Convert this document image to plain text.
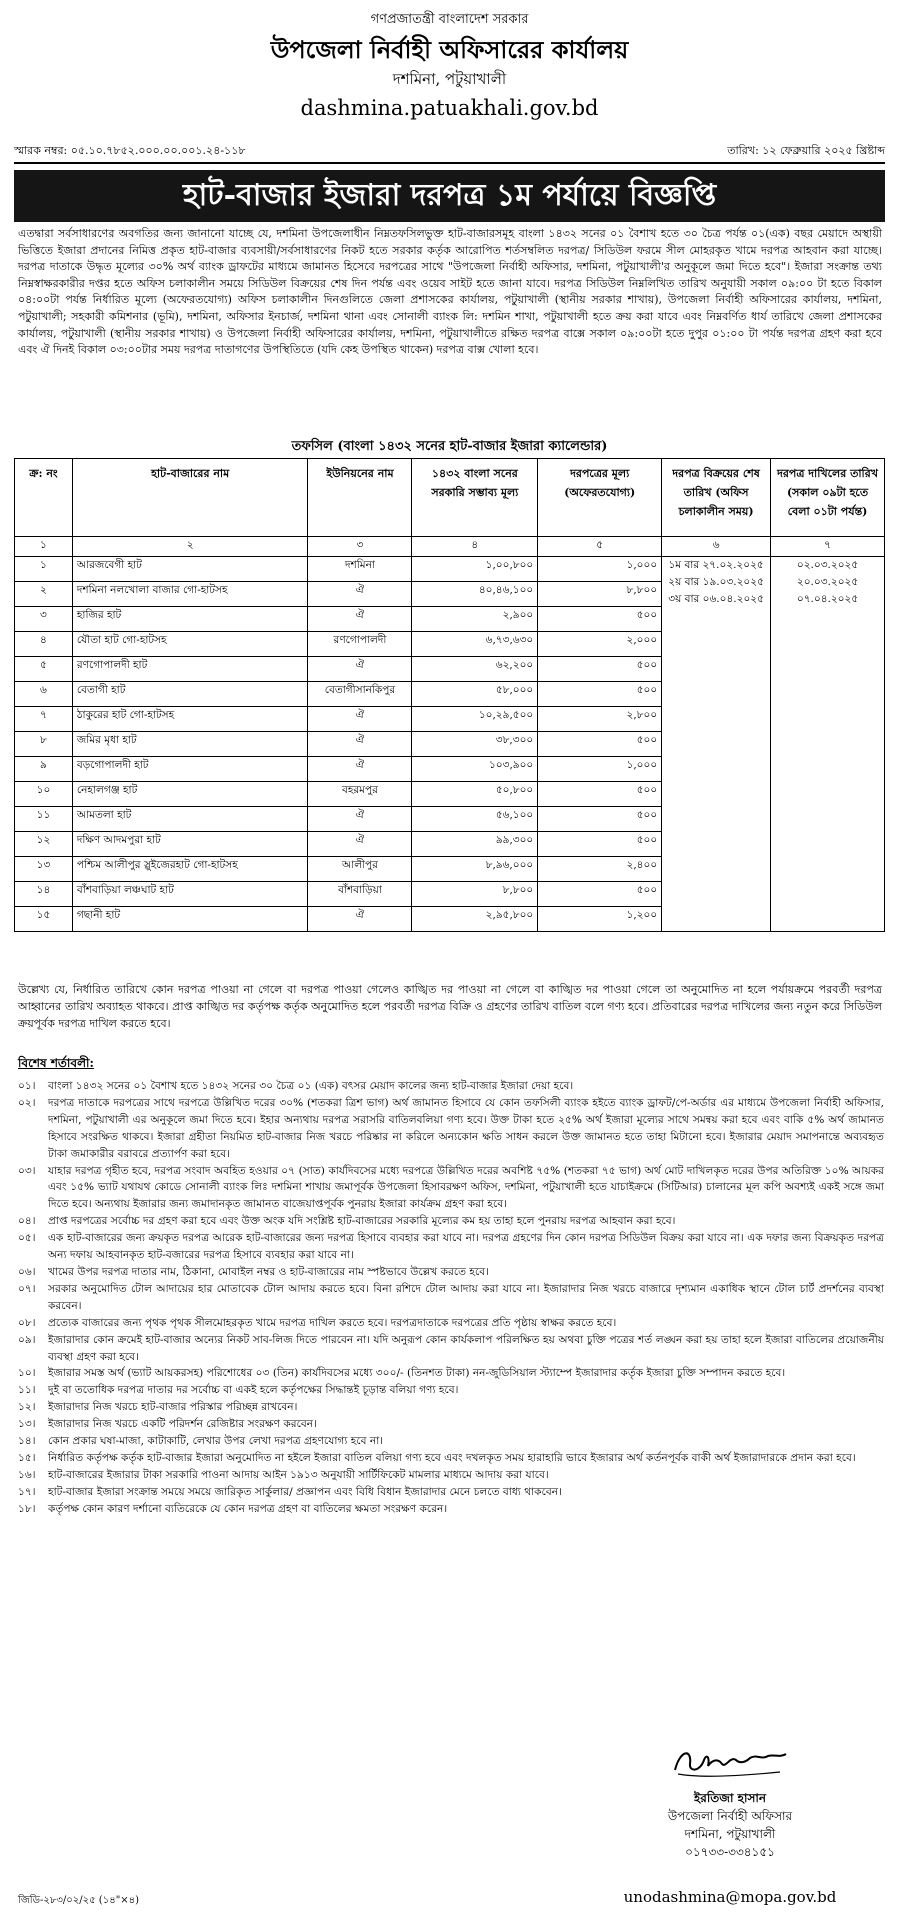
গণপ্রজাতন্ত্রী বাংলাদেশ সরকার
উপজেলা নির্বাহী অফিসারের কার্যালয়
দশমিনা, পটুয়াখালী
dashmina.patuakhali.gov.bd
স্মারক নম্বর: ০৫.১০.৭৮৫২.০০০.০০.০০১.২৪-১১৮	তারিখ: ১২ ফেব্রুয়ারি ২০২৫ খ্রিষ্টাব্দ
হাট-বাজার ইজারা দরপত্র ১ম পর্যায়ে বিজ্ঞপ্তি
এতদ্বারা সর্বসাধারণের অবগতির জন্য জানানো যাচ্ছে যে, দশমিনা উপজেলাধীন নিম্নতফসিলভুক্ত হাট-বাজারসমূহ বাংলা ১৪৩২ সনের ০১ বৈশাখ হতে ৩০ চৈত্র পর্যন্ত ০১(এক) বছর মেয়াদে অস্থায়ী ভিত্তিতে ইজারা প্রদানের নিমিত্ত প্রকৃত হাট-বাজার ব্যবসায়ী/সর্বসাধারণের নিকট হতে সরকার কর্তৃক আরোপিত শর্তসম্বলিত দরপত্র/ সিডিউল ফরমে সীল মোহরকৃত খামে দরপত্র আহবান করা যাচ্ছে। দরপত্র দাতাকে উদ্ধৃত মূল্যের ৩০% অর্থ ব্যাংক ড্রাফটের মাধ্যমে জামানত হিসেবে দরপত্রের সাথে "উপজেলা নির্বাহী অফিসার, দশমিনা, পটুয়াখালী'র অনুকূলে জমা দিতে হবে"। ইজারা সংক্রান্ত তথ্য নিম্নস্বাক্ষরকারীর দপ্তর হতে অফিস চলাকালীন সময়ে সিডিউল বিক্রয়ের শেষ দিন পর্যন্ত এবং ওয়েব সাইট হতে জানা যাবে। দরপত্র সিডিউল নিম্নলিখিত তারিখ অনুযায়ী সকাল ০৯:০০ টা হতে বিকাল ০৪:০০টা পর্যন্ত নির্ধারিত মূল্যে (অফেরতযোগ্য) অফিস চলাকালীন দিনগুলিতে জেলা প্রশাসকের কার্যালয়, পটুয়াখালী (স্থানীয় সরকার শাখায়), উপজেলা নির্বাহী অফিসারের কার্যালয়, দশমিনা, পটুয়াখালী; সহকারী কমিশনার (ভূমি), দশমিনা, অফিসার ইনচার্জ, দশমিনা থানা এবং সোনালী ব্যাংক লি: দশমিন শাখা, পটুয়াখালী হতে ক্রয় করা যাবে এবং নিম্নবর্ণিত ধার্য তারিখে জেলা প্রশাসকের কার্যালয়, পটুয়াখালী (স্থানীয় সরকার শাখায়) ও উপজেলা নির্বাহী অফিসারের কার্যালয়, দশমিনা, পটুয়াখালীতে রক্ষিত দরপত্র বাক্সে সকাল ০৯:০০টা হতে দুপুর ০১:০০ টা পর্যন্ত দরপত্র গ্রহণ করা হবে এবং ঐ দিনই বিকাল ০৩:০০টার সময় দরপত্র দাতাগণের উপস্থিতিতে (যদি কেহ উপস্থিত থাকেন) দরপত্র বাক্স খোলা হবে।
তফসিল (বাংলা ১৪৩২ সনের হাট-বাজার ইজারা ক্যালেন্ডার)
ক্র: নং	হাট-বাজারের নাম	ইউনিয়নের নাম	১৪৩২ বাংলা সনের সরকারি সম্ভাব্য মূল্য	দরপত্রের মূল্য (অফেরতযোগ্য)	দরপত্র বিক্রয়ের শেষ তারিখ (অফিস চলাকালীন সময়)	দরপত্র দাখিলের তারিখ (সকাল ০৯টা হতে বেলা ০১টা পর্যন্ত)
১	২	৩	৪	৫	৬	৭
১	আরজবেগী হাট	দশমিনা	১,০০,৮০০	১,০০০	১ম বার ২৭.০২.২০২৫ ২য় বার ১৯.০৩.২০২৫ ৩য় বার ০৬.০৪.২০২৫	০২.০৩.২০২৫
২০.০৩.২০২৫
০৭.০৪.২০২৫

২	দশমিনা নলখোলা বাজার গো-হাটসহ	ঐ	৪০,৪৬,১০০	৮,৮০০		
৩	হাজির হাট	ঐ	২,৯০০	৫০০		
৪	যৌতা হাট গো-হাটসহ	রণগোপালদী	৬,৭৩,৬৩০	২,০০০		
৫	রণগোপালদী হাট	ঐ	৬২,২০০	৫০০		
৬	বেতাগী হাট	বেতাগীসানকিপুর	৫৮,০০০	৫০০		
৭	ঠাকুরের হাট গো-হাটসহ	ঐ	১০,২৯,৫০০	২,৮০০		
৮	জমির মৃধা হাট	ঐ	৩৮,৩০০	৫০০		
৯	বড়গোপালদী হাট	ঐ	১০৩,৯০০	১,০০০		
১০	নেহালগঞ্জ হাট	বহরমপুর	৫০,৮০০	৫০০		
১১	আমতলা হাট	ঐ	৫৬,১০০	৫০০		
১২	দক্ষিণ আদমপুরা হাট	ঐ	৯৯,৩০০	৫০০		
১৩	পশ্চিম আলীপুর স্লুইজেরহাট গো-হাটসহ	আলীপুর	৮,৯৬,০০০	২,৪০০		
১৪	বাঁশবাড়িয়া লঞ্চঘাট হাট	বাঁশবাড়িয়া	৮,৮০০	৫০০		
১৫	গছানী হাট	ঐ	২,৯৫,৮০০	১,২০০		
উল্লেখ্য যে, নির্ধারিত তারিখে কোন দরপত্র পাওয়া না গেলে বা দরপত্র পাওয়া গেলেও কাঙ্খিত দর পাওয়া না গেলে বা কাঙ্খিত দর পাওয়া গেলে তা অনুমোদিত না হলে পর্যায়ক্রমে পরবর্তী দরপত্র আহ্বানের তারিখ অব্যাহত থাকবে। প্রাপ্ত কাঙ্খিত দর কর্তৃপক্ষ কর্তৃক অনুমোদিত হলে পরবর্তী দরপত্র বিক্রি ও গ্রহণের তারিখ বাতিল বলে গণ্য হবে। প্রতিবারের দরপত্র দাখিলের জন্য নতুন করে সিডিউল ক্রয়পূর্বক দরপত্র দাখিল করতে হবে।
বিশেষ শর্তাবলী:
০১।	বাংলা ১৪৩২ সনের ০১ বৈশাখ হতে ১৪৩২ সনের ৩০ চৈত্র ০১ (এক) বৎসর মেয়াদ কালের জন্য হাট-বাজার ইজারা দেয়া হবে।
০২।	দরপত্র দাতাকে দরপত্রের সাথে দরপত্রে উল্লিখিত দরের ৩০% (শতকরা ত্রিশ ভাগ) অর্থ জামানত হিসাবে যে কোন তফসিলী ব্যাংক হইতে ব্যাংক ড্রাফট/পে-অর্ডার এর মাধ্যমে উপজেলা নির্বাহী অফিসার, দশমিনা, পটুয়াখালী এর অনুকূলে জমা দিতে হবে। ইহার অন্যথায় দরপত্র সরাসরি বাতিলবলিয়া গণ্য হবে। উক্ত টাকা হতে ২৫% অর্থ ইজারা মূল্যের সাথে সমন্বয় করা হবে এবং বাকি ৫% অর্থ জামানত হিসাবে সংরক্ষিত থাকবে। ইজারা গ্রহীতা নিয়মিত হাট-বাজার নিজ খরচে পরিষ্কার না করিলে অন্যকোন ক্ষতি সাধন করলে উক্ত জামানত হতে তাহা মিটানো হবে। ইজারার মেয়াদ সমাপনান্তে অব্যবহৃত টাকা জমাকারীর বরাবরে প্রত্যার্পণ করা হবে।
০৩।	যাহার দরপত্র গৃহীত হবে, দরপত্র সংবাদ অবহিত হওয়ার ০৭ (সাত) কার্যদিবসের মধ্যে দরপত্রে উল্লিখিত দরের অবশিষ্ট ৭৫% (শতকরা ৭৫ ভাগ) অর্থ মোট দাখিলকৃত দরের উপর অতিরিক্ত ১০% আয়কর এবং ১৫% ভ্যাট যথাযথ কোডে সোনালী ব্যাংক লিঃ দশমিনা শাখায় জমাপূর্বক উপজেলা হিসাবরক্ষণ অফিস, দশমিনা, পটুয়াখালী হতে যাচাইক্রমে (সিটিআর) চালানের মূল কপি অবশ্যই একই সঙ্গে জমা দিতে হবে। অন্যথায় ইজারার জন্য জমাদানকৃত জামানত বাজেয়াপ্তপূর্বক পুনরায় ইজারা কার্যক্রম গ্রহণ করা হবে।
০৪।	প্রাপ্ত দরপত্রের সর্বোচ্চ দর গ্রহণ করা হবে এবং উক্ত অংক যদি সংশ্লিষ্ট হাট-বাজারের সরকারি মূল্যের কম হয় তাহা হলে পুনরায় দরপত্র আহবান করা হবে।
০৫।	এক হাট-বাজারের জন্য ক্রয়কৃত দরপত্র আরেক হাট-বাজারের জন্য দরপত্র হিসাবে ব্যবহার করা যাবে না। দরপত্র গ্রহণের দিন কোন দরপত্র সিডিউল বিক্রয় করা যাবে না। এক দফার জন্য বিক্রয়কৃত দরপত্র অন্য দফায় আহবানকৃত হাট-বজারের দরপত্র হিসাবে ব্যবহার করা যাবে না।
০৬।	খামের উপর দরপত্র দাতার নাম, ঠিকানা, মোবাইল নম্বর ও হাট-বাজারের নাম স্পষ্টভাবে উল্লেখ করতে হবে।
০৭।	সরকার অনুমোদিত টোল আদায়ের হার মোতাবেক টোল আদায় করতে হবে। বিনা রশিদে টোল আদায় করা যাবে না। ইজারাদার নিজ খরচে বাজারে দৃশ্যমান একাধিক স্থানে টোল চার্ট প্রদর্শনের ব্যবস্থা করবেন।
০৮।	প্রত্যেক বাজারের জন্য পৃথক পৃথক সীলমোহরকৃত খামে দরপত্র দাখিল করতে হবে। দরপত্রদাতাকে দরপত্রের প্রতি পৃষ্ঠায় স্বাক্ষর করতে হবে।
০৯।	ইজারাদার কোন ক্রমেই হাট-বাজার অন্যের নিকট সাব-লিজ দিতে পারবেন না। যদি অনুরূপ কোন কার্যকলাপ পরিলক্ষিত হয় অথবা চুক্তি পত্রের শর্ত লঙ্ঘন করা হয় তাহা হলে ইজারা বাতিলের প্রয়োজনীয় ব্যবস্থা গ্রহণ করা হবে।
১০।	ইজারার সমস্ত অর্থ (ভ্যাট আয়করসহ) পরিশোধের ০৩ (তিন) কার্যদিবসের মধ্যে ৩০০/- (তিনশত টাকা) নন-জুডিসিয়াল স্ট্যাম্পে ইজারাদার কর্তৃক ইজারা চুক্তি সম্পাদন করতে হবে।
১১।	দুই বা ততোধিক দরপত্র দাতার দর সর্বোচ্চ বা একই হলে কর্তৃপক্ষের সিদ্ধান্তই চূড়ান্ত বলিয়া গণ্য হবে।
১২।	ইজারাদার নিজ খরচে হাট-বাজার পরিস্কার পরিচ্ছন্ন রাখবেন।
১৩।	ইজারাদার নিজ খরচে একটি পরিদর্শন রেজিষ্টার সংরক্ষণ করবেন।
১৪।	কোন প্রকার ঘষা-মাজা, কাটাকাটি, লেখার উপর লেখা দরপত্র গ্রহণযোগ্য হবে না।
১৫।	নির্ধারিত কর্তৃপক্ষ কর্তৃক হাট-বাজার ইজারা অনুমোদিত না হইলে ইজারা বাতিল বলিয়া গণ্য হবে এবং দখলকৃত সময় হারাহারি ভাবে ইজারার অর্থ কর্তনপূর্বক বাকী অর্থ ইজারাদারকে প্রদান করা হবে।
১৬।	হাট-বাজারের ইজারার টাকা সরকারি পাওনা আদায় আইন ১৯১৩ অনুযায়ী সার্টিফিকেট মামলার মাধ্যমে আদায় করা যাবে।
১৭।	হাট-বাজার ইজারা সংক্রান্ত সময়ে সময়ে জারিকৃত সার্কুলার/ প্রজ্ঞাপন এবং বিধি বিধান ইজারাদার মেনে চলতে বাধ্য থাকবেন।
১৮।	কর্তৃপক্ষ কোন কারণ দর্শানো ব্যতিরেকে যে কোন দরপত্র গ্রহণ বা বাতিলের ক্ষমতা সংরক্ষণ করেন।
ইরতিজা হাসান
উপজেলা নির্বাহী অফিসার
দশমিনা, পটুয়াখালী
০১৭৩৩-৩৩৪১৫১
জিডি-২৮৩/০২/২৫ (১৪"×৪)	unodashmina@mopa.gov.bd
